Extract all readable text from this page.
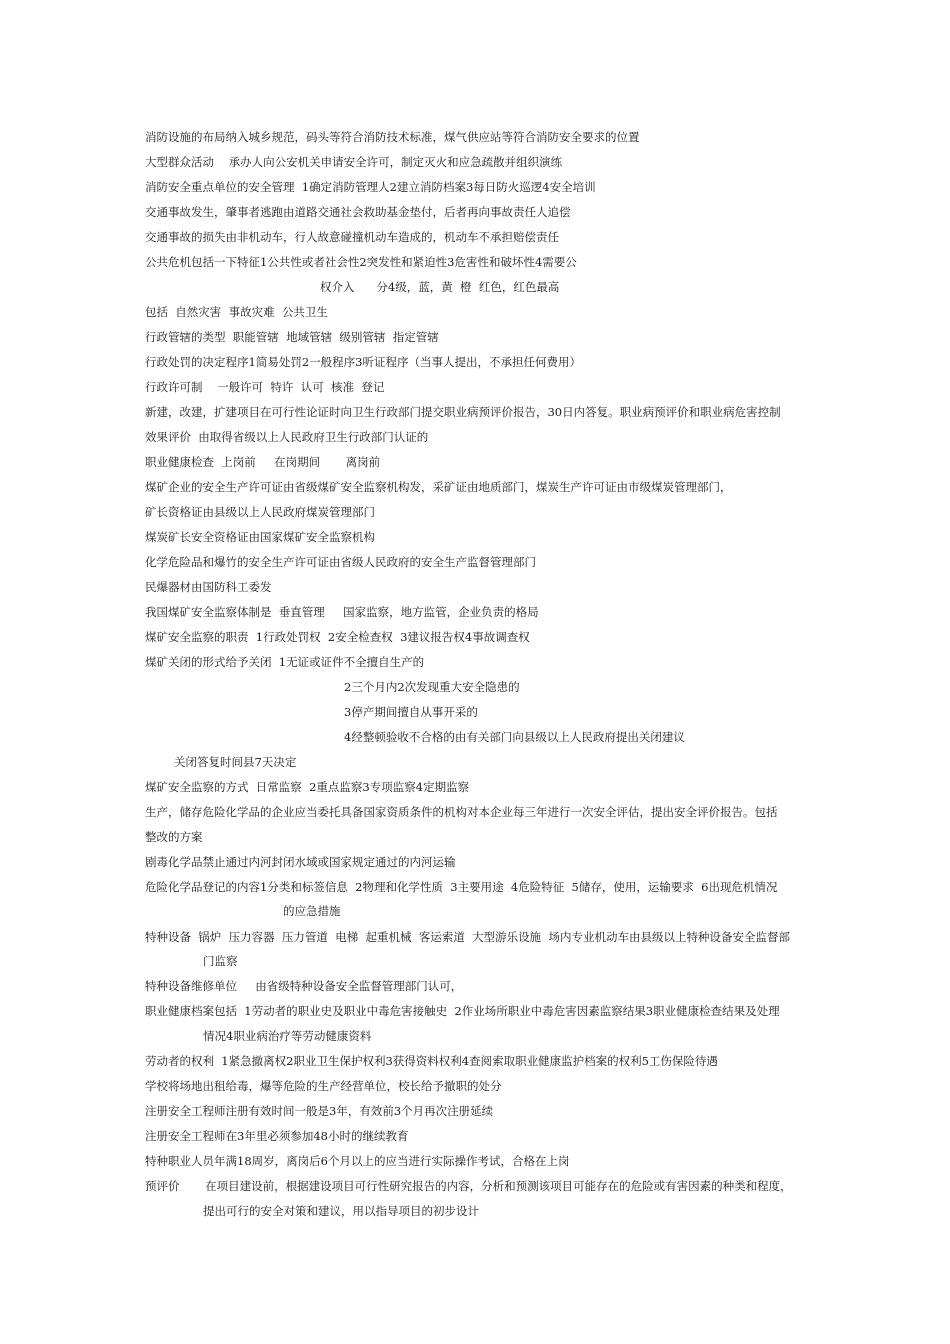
消防设施的布局纳入城乡规范，码头等符合消防技术标准，煤气供应站等符合消防安全要求的位置
大型群众活动    承办人向公安机关申请安全许可，制定灭火和应急疏散并组织演练
消防安全重点单位的安全管理  1确定消防管理人2建立消防档案3每日防火巡逻4安全培训
交通事故发生，肇事者逃跑由道路交通社会救助基金垫付，后者再向事故责任人追偿
交通事故的损失由非机动车，行人故意碰撞机动车造成的，机动车不承担赔偿责任
公共危机包括一下特征1公共性或者社会性2突发性和紧迫性3危害性和破坏性4需要公
权介入      分4级，蓝，黄  橙  红色，红色最高
包括  自然灾害  事故灾难  公共卫生
行政管辖的类型  职能管辖  地域管辖  级别管辖  指定管辖
行政处罚的决定程序1简易处罚2一般程序3听证程序（当事人提出，不承担任何费用）
行政许可制    一般许可  特许  认可  核准  登记
新建，改建，扩建项目在可行性论证时向卫生行政部门提交职业病预评价报告，30日内答复。职业病预评价和职业病危害控制
效果评价  由取得省级以上人民政府卫生行政部门认证的
职业健康检查  上岗前     在岗期间       离岗前
煤矿企业的安全生产许可证由省级煤矿安全监察机构发，采矿证由地质部门，煤炭生产许可证由市级煤炭管理部门，
矿长资格证由县级以上人民政府煤炭管理部门
煤炭矿长安全资格证由国家煤矿安全监察机构
化学危险品和爆竹的安全生产许可证由省级人民政府的安全生产监督管理部门
民爆器材由国防科工委发
我国煤矿安全监察体制是  垂直管理     国家监察，地方监管，企业负责的格局
煤矿安全监察的职责  1行政处罚权  2安全检查权  3建议报告权4事故调查权
煤矿关闭的形式给予关闭  1无证或证件不全擅自生产的
2三个月内2次发现重大安全隐患的
3停产期间擅自从事开采的
4经整顿验收不合格的由有关部门向县级以上人民政府提出关闭建议
关闭答复时间县7天决定
煤矿安全监察的方式  日常监察  2重点监察3专项监察4定期监察
生产，储存危险化学品的企业应当委托具备国家资质条件的机构对本企业每三年进行一次安全评估，提出安全评价报告。包括
整改的方案
剧毒化学品禁止通过内河封闭水域或国家规定通过的内河运输
危险化学品登记的内容1分类和标签信息  2物理和化学性质  3主要用途  4危险特征  5储存，使用，运输要求  6出现危机情况
的应急措施
特种设备  锅炉  压力容器  压力管道  电梯  起重机械  客运索道  大型游乐设施  场内专业机动车由县级以上特种设备安全监督部
门监察
特种设备维修单位     由省级特种设备安全监督管理部门认可，
职业健康档案包括  1劳动者的职业史及职业中毒危害接触史  2作业场所职业中毒危害因素监察结果3职业健康检查结果及处理
情况4职业病治疗等劳动健康资料
劳动者的权利  1紧急撤离权2职业卫生保护权利3获得资料权利4查阅索取职业健康监护档案的权利5工伤保险待遇
学校将场地出租给毒，爆等危险的生产经营单位，校长给予撤职的处分
注册安全工程师注册有效时间一般是3年，有效前3个月再次注册延续
注册安全工程师在3年里必须参加48小时的继续教育
特种职业人员年满18周岁，离岗后6个月以上的应当进行实际操作考试，合格在上岗
预评价       在项目建设前，根据建设项目可行性研究报告的内容，分析和预测该项目可能存在的危险或有害因素的种类和程度，
提出可行的安全对策和建议，用以指导项目的初步设计
